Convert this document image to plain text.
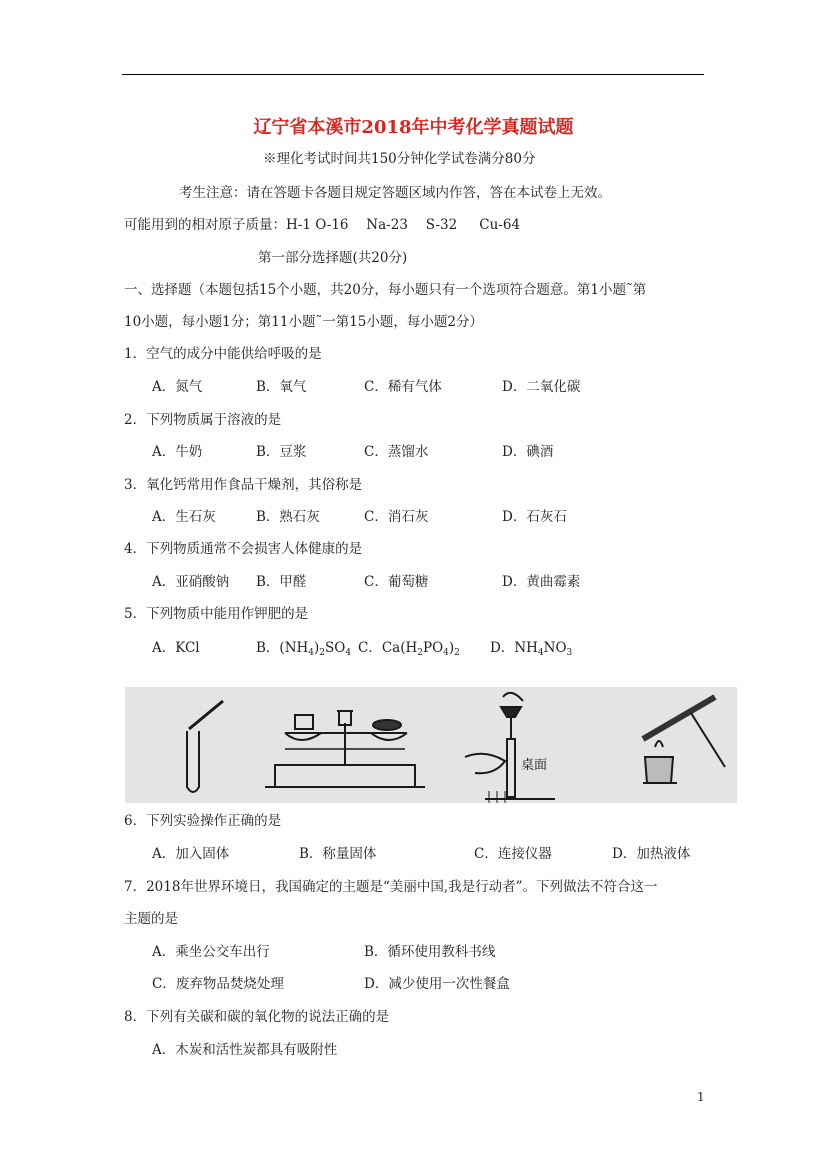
辽宁省本溪市2018年中考化学真题试题
※理化考试时间共150分钟化学试卷满分80分
考生注意：请在答题卡各题目规定答题区域内作答，答在本试卷上无效。
可能用到的相对原子质量：H-1 O-16　 Na-23 　S-32 　 Cu-64
第一部分选择题(共20分)
一、选择题（本题包括15个小题，共20分，每小题只有一个选项符合题意。第1小题˜第
10小题，每小题1分；第11小题˜一第15小题，每小题2分）
1．空气的成分中能供给呼吸的是
A．氮气	B．氧气	C．稀有气体	D．二氧化碳
2．下列物质属于溶液的是
A．牛奶	B．豆浆	C．蒸馏水	D．碘酒
3．氧化钙常用作食品干燥剂，其俗称是
A．生石灰	B．熟石灰	C．消石灰	D．石灰石
4．下列物质通常不会损害人体健康的是
A．亚硝酸钠 B．甲醛	C．葡萄糖	D．黄曲霉素
5．下列物质中能用作钾肥的是
A．KCl	B．$(NH_4)_2SO_4$ C．$Ca(H_2PO_4)_2$ D．$NH_4NO_3$
桌面
6．下列实验操作正确的是
A．加入固体	B．称量固体	C．连接仪器	D．加热液体
7．2018年世界环境日，我国确定的主题是“美丽中国,我是行动者”。下列做法不符合这一
主题的是
A．乘坐公交车出行	B．循环使用教科书线
C．废弃物品焚烧处理	D．减少使用一次性餐盒
8．下列有关碳和碳的氧化物的说法正确的是
A．木炭和活性炭都具有吸附性
1
